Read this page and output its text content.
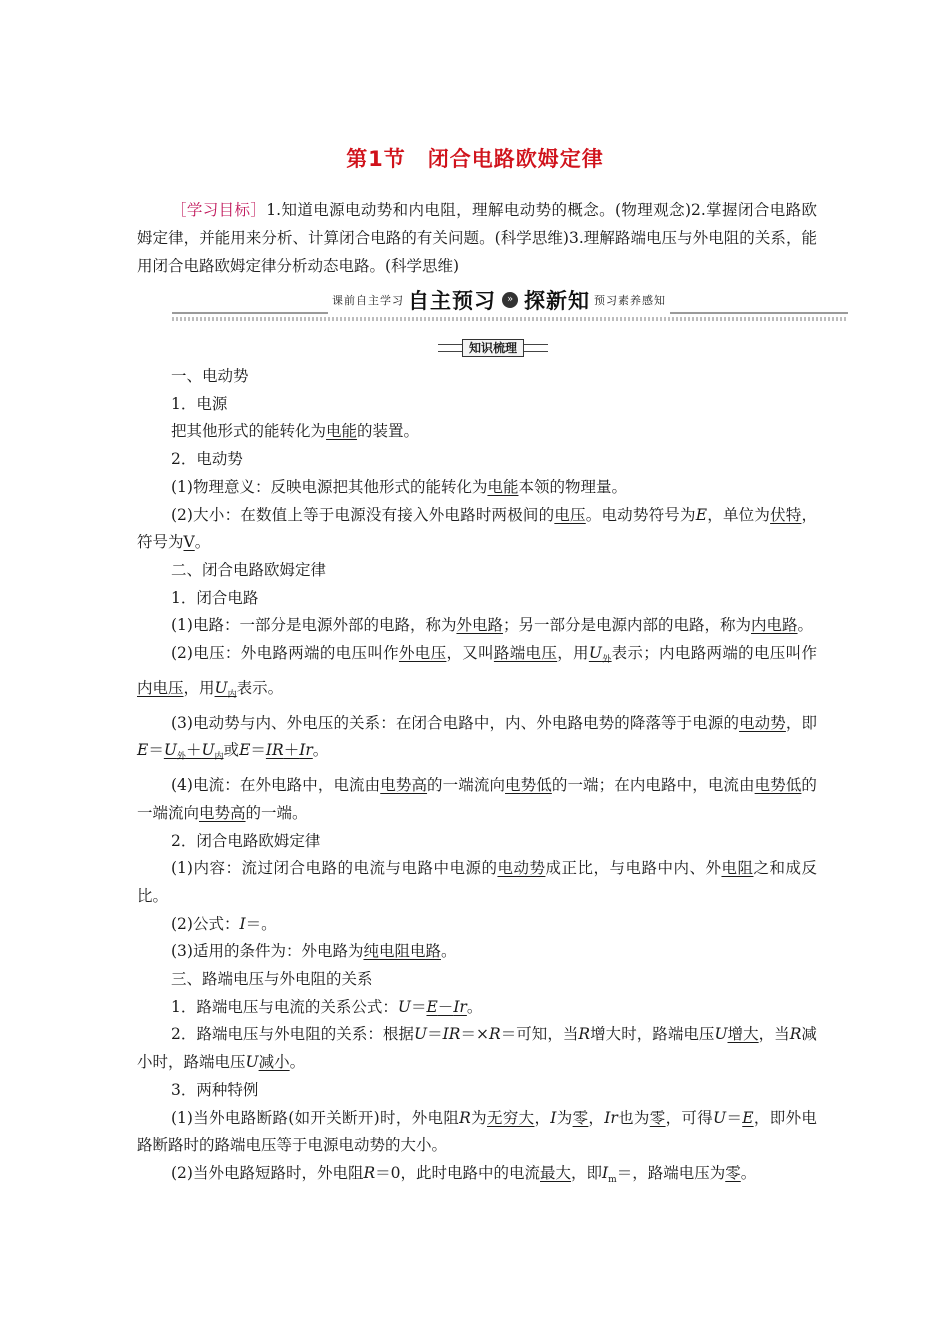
第1节　闭合电路欧姆定律
［学习目标］1.知道电源电动势和内电阻，理解电动势的概念。(物理观念)2.掌握闭合电路欧姆定律，并能用来分析、计算闭合电路的有关问题。(科学思维)3.理解路端电压与外电阻的关系，能用闭合电路欧姆定律分析动态电路。(科学思维)
课前自主学习 自主预习	» 探新知 预习素养感知
知识梳理

一、电动势

1．电源

把其他形式的能转化为电能的装置。

2．电动势

(1)物理意义：反映电源把其他形式的能转化为电能本领的物理量。

(2)大小：在数值上等于电源没有接入外电路时两极间的电压。电动势符号为E，单位为伏特，符号为V。

二、闭合电路欧姆定律

1．闭合电路

(1)电路：一部分是电源外部的电路，称为外电路；另一部分是电源内部的电路，称为内电路。

(2)电压：外电路两端的电压叫作外电压，又叫路端电压，用$U_外$表示；内电路两端的电压叫作内电压，用$U_内$表示。

(3)电动势与内、外电压的关系：在闭合电路中，内、外电路电势的降落等于电源的电动势，即$E=U_外+U_内$或E＝IR＋Ir。

(4)电流：在外电路中，电流由电势高的一端流向电势低的一端；在内电路中，电流由电势低的一端流向电势高的一端。

2．闭合电路欧姆定律

(1)内容：流过闭合电路的电流与电路中电源的电动势成正比，与电路中内、外电阻之和成反比。

(2)公式：I＝。

(3)适用的条件为：外电路为纯电阻电路。

三、路端电压与外电阻的关系

1．路端电压与电流的关系公式：U＝E－Ir。

2．路端电压与外电阻的关系：根据U＝IR＝×R＝可知，当R增大时，路端电压U增大，当R减小时，路端电压U减小。

3．两种特例

(1)当外电路断路(如开关断开)时，外电阻R为无穷大，I为零，Ir也为零，可得U＝E，即外电路断路时的路端电压等于电源电动势的大小。

(2)当外电路短路时，外电阻R＝0，此时电路中的电流最大，即$I_m=$，路端电压为零。
